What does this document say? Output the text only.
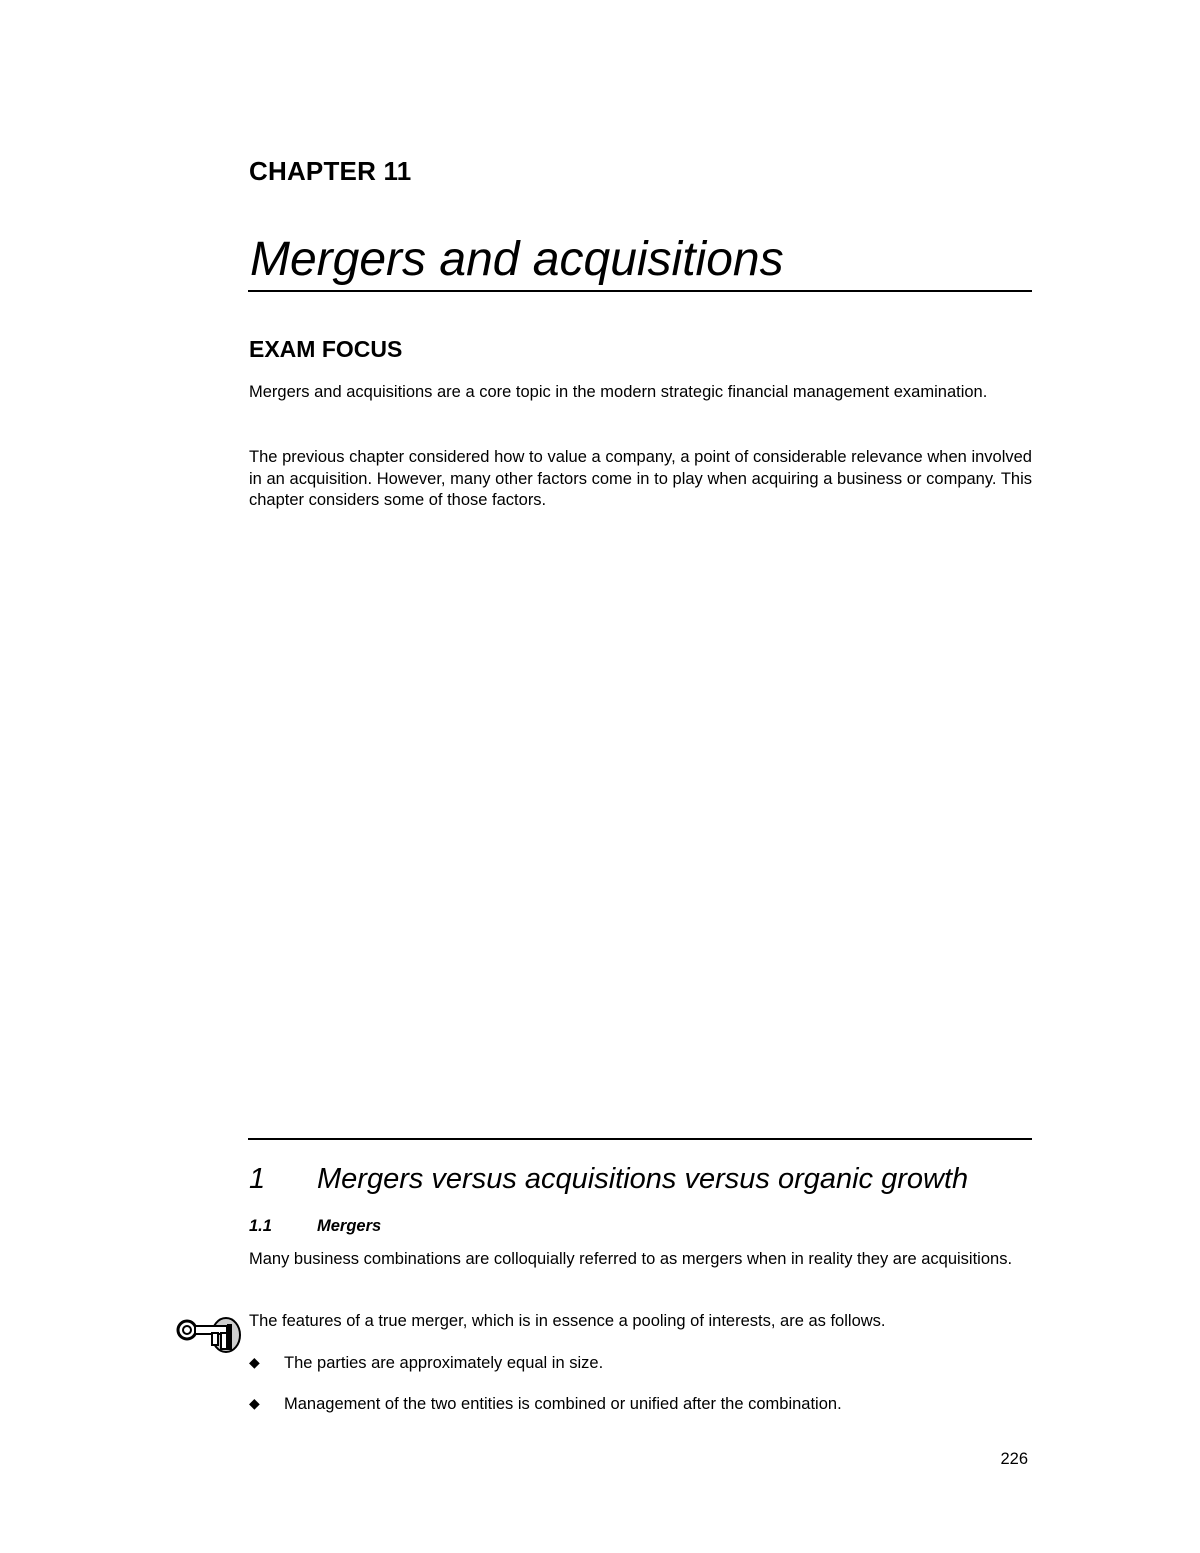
CHAPTER 11
Mergers and acquisitions
EXAM FOCUS
Mergers and acquisitions are a core topic in the modern strategic financial management examination.
The previous chapter considered how to value a company, a point of considerable relevance when involved in an acquisition. However, many other factors come in to play when acquiring a business or company. This chapter considers some of those factors.
1 Mergers versus acquisitions versus organic growth
1.1	Mergers
Many business combinations are colloquially referred to as mergers when in reality they are acquisitions.
The features of a true merger, which is in essence a pooling of interests, are as follows.
◆ The parties are approximately equal in size.
◆ Management of the two entities is combined or unified after the combination.
226
